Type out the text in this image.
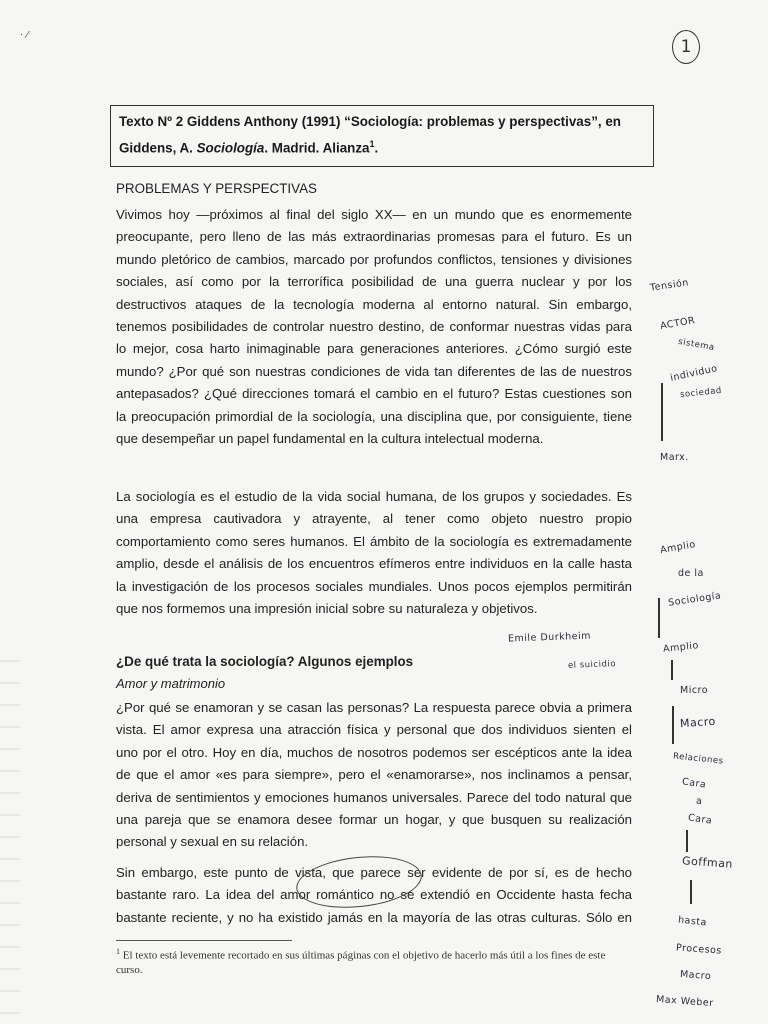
1
Texto Nº 2 Giddens Anthony (1991) “Sociología: problemas y perspectivas”, en
Giddens, A. Sociología. Madrid. Alianza$^1$.
PROBLEMAS Y PERSPECTIVAS
Vivimos hoy —próximos al final del siglo XX— en un mundo que es enormemente
preocupante, pero lleno de las más extraordinarias promesas para el futuro. Es un
mundo pletórico de cambios, marcado por profundos conflictos, tensiones y divisiones
sociales, así como por la terrorífica posibilidad de una guerra nuclear y por los
destructivos ataques de la tecnología moderna al entorno natural. Sin embargo,
tenemos posibilidades de controlar nuestro destino, de conformar nuestras vidas para
lo mejor, cosa harto inimaginable para generaciones anteriores. ¿Cómo surgió este
mundo? ¿Por qué son nuestras condiciones de vida tan diferentes de las de nuestros
antepasados? ¿Qué direcciones tomará el cambio en el futuro? Estas cuestiones son
la preocupación primordial de la sociología, una disciplina que, por consiguiente, tiene
que desempeñar un papel fundamental en la cultura intelectual moderna.
La sociología es el estudio de la vida social humana, de los grupos y sociedades. Es
una empresa cautivadora y atrayente, al tener como objeto nuestro propio
comportamiento como seres humanos. El ámbito de la sociología es extremadamente
amplio, desde el análisis de los encuentros efímeros entre individuos en la calle hasta
la investigación de los procesos sociales mundiales. Unos pocos ejemplos permitirán
que nos formemos una impresión inicial sobre su naturaleza y objetivos.
¿De qué trata la sociología? Algunos ejemplos
Amor y matrimonio
¿Por qué se enamoran y se casan las personas? La respuesta parece obvia a primera
vista. El amor expresa una atracción física y personal que dos individuos sienten el
uno por el otro. Hoy en día, muchos de nosotros podemos ser escépticos ante la idea
de que el amor «es para siempre», pero el «enamorarse», nos inclinamos a pensar,
deriva de sentimientos y emociones humanos universales. Parece del todo natural que
una pareja que se enamora desee formar un hogar, y que busquen su realización
personal y sexual en su relación.
Sin embargo, este punto de vista, que parece ser evidente de por sí, es de hecho
bastante raro. La idea del amor romántico no se extendió en Occidente hasta fecha
bastante reciente, y no ha existido jamás en la mayoría de las otras culturas. Sólo en
$^1$ El texto está levemente recortado en sus últimas páginas con el objetivo de hacerlo más útil a los fines de este curso.
Tensión
ACTOR
sistema
individuo
sociedad
Marx.
Amplio
de la
Sociología
Amplio
Micro
Macro
Relaciones
Cara
a
Cara
Goffman
hasta
Procesos
Macro
Max Weber
Emile Durkheim
el suicidio
· ⁄
